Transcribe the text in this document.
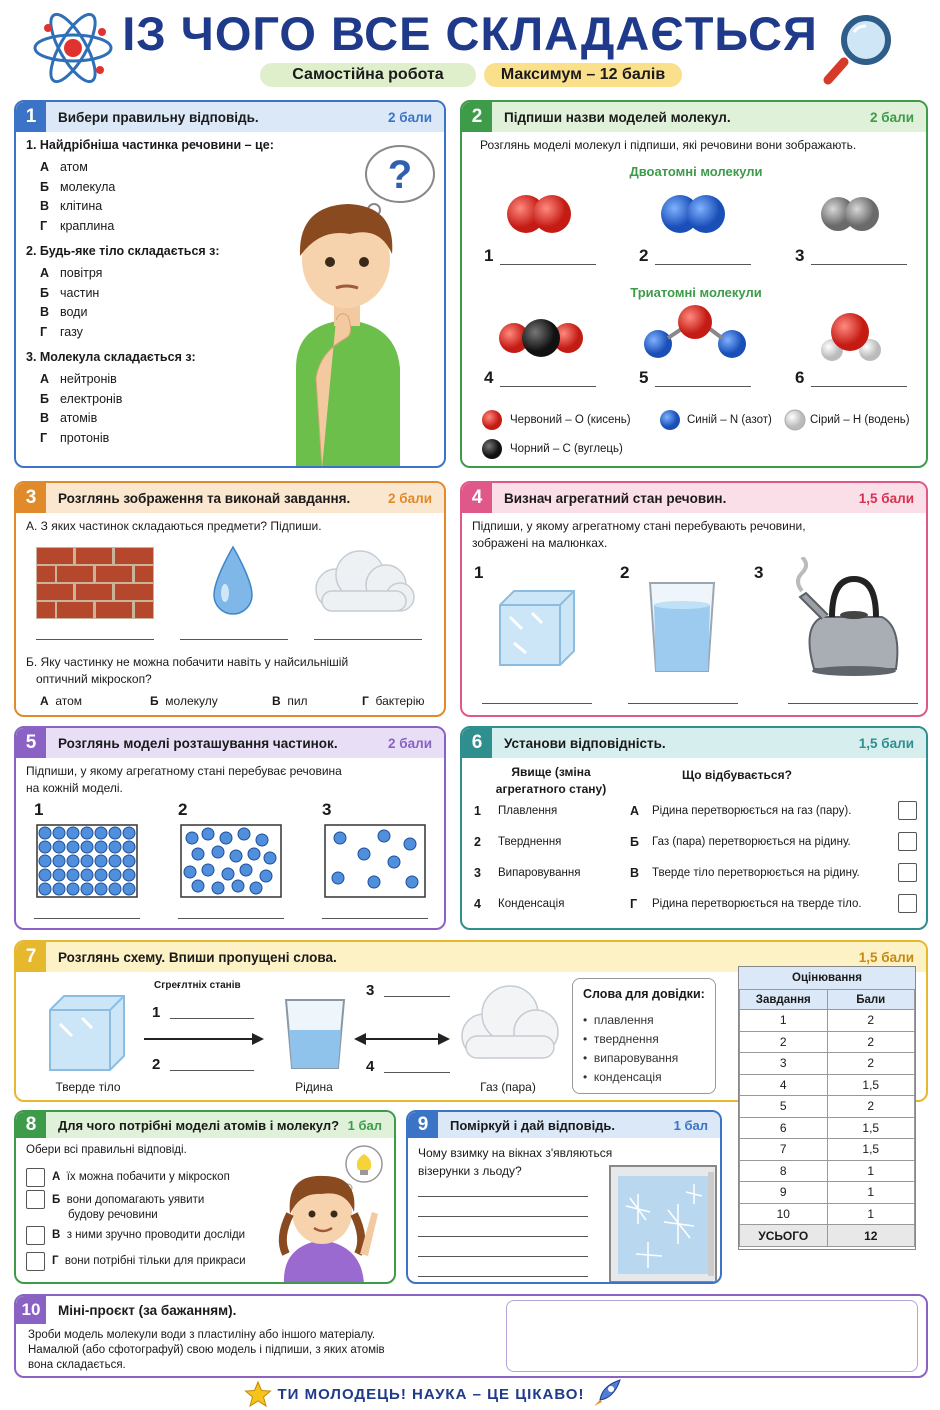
ІЗ ЧОГО ВСЕ СКЛАДАЄТЬСЯ
Самостійна робота	Максимум – 12 балів
1	Вибери правильну відповідь.	2 бали
1. Найдрібніша частинка речовини – це:
А атом
Б молекула
В клітина
Г краплина
2. Будь-яке тіло складається з:
А повітря
Б частин
В води
Г газу
3. Молекула складається з:
А нейтронів
Б електронів
В атомів
Г протонів
?
2	Підпиши назви моделей молекул.	2 бали
Розглянь моделі молекул і підпиши, які речовини вони зображають.
Двоатомні молекули
Триатомні молекули
1	2	3
4	5	6
Червоний – O (кисень)	Синій – N (азот)	Сірий – H (водень)
Чорний – C (вуглець)
3	Розглянь зображення та виконай завдання.	2 бали
А. З яких частинок складаються предмети? Підпиши.
Б. Яку частинку не можна побачити навіть у найсильнішій
оптичний мікроскоп?
А атом	Б молекулу	В пил	Г бактерію
4	Визнач агрегатний стан речовин.	1,5 бали
Підпиши, у якому агрегатному стані перебувають речовини,
зображені на малюнках.
1	2	3
5	Розглянь моделі розташування частинок.	2 бали
Підпиши, у якому агрегатному стані перебуває речовина
на кожній моделі.
1	2	3
6	Установи відповідність.	1,5 бали
Явище (зміна
агрегатного стану)
Що відбувається?
1 Плавлення	А Рідина перетворюється на газ (пару).
2 Тверднення	Б Газ (пара) перетворюється на рідину.
3 Випаровування	В Тверде тіло перетворюється на рідину.
4 Конденсація	Г Рідина перетворюється на тверде тіло.
7	Розглянь схему. Впиши пропущені слова.	1,5 бали
Сгреғлтніх станів
Тверде тіло
1
2
Рідина
3
4
Газ (пара)
Слова для довідки:
•  плавлення
•  тверднення
•  випаровування
•  конденсація
Оцінювання
Завдання	Бали
1	2
2	2
3	2
4	1,5
5	2
6	1,5
7	1,5
8	1
9	1
10	1
УСЬОГО	12
8	Для чого потрібні моделі атомів і молекул? 1 бал
Обери всі правильні відповіді.
А їх можна побачити у мікроскоп
Б вони допомагають уявити
будову речовини
В з ними зручно проводити досліди
Г вони потрібні тільки для прикраси
9	Поміркуй і дай відповідь.	1 бал
Чому взимку на вікнах з'являються
візерунки з льоду?
10	Міні-проєкт (за бажанням).
Зроби модель молекули води з пластиліну або іншого матеріалу.
Намалюй (або сфотографуй) свою модель і підпиши, з яких атомів
вона складається.
ТИ МОЛОДЕЦЬ! НАУКА – ЦЕ ЦІКАВО!
